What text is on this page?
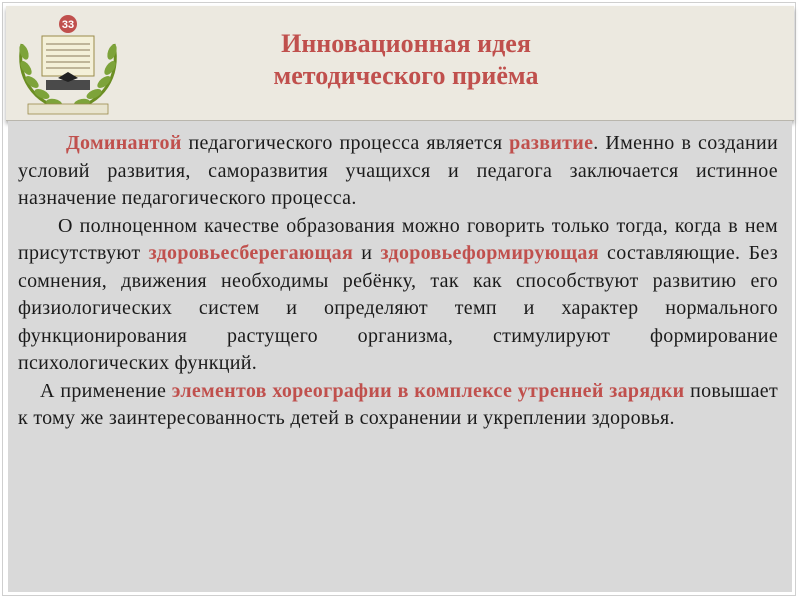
33
Инновационная идея
методического приёма

Доминантой педагогического процесса является развитие. Именно в создании условий развития, саморазвития учащихся и педагога заключается истинное назначение педагогического процесса.

О полноценном качестве образования можно говорить только тогда, когда в нем присутствуют здоровьесберегающая и здоровьеформирующая составляющие. Без сомнения, движения необходимы ребёнку, так как способствуют развитию его физиологических систем и определяют темп и характер нормального функционирования растущего организма, стимулируют формирование психологических функций.

А применение элементов хореографии в комплексе утренней зарядки повышает к тому же заинтересованность детей в сохранении и укреплении здоровья.
